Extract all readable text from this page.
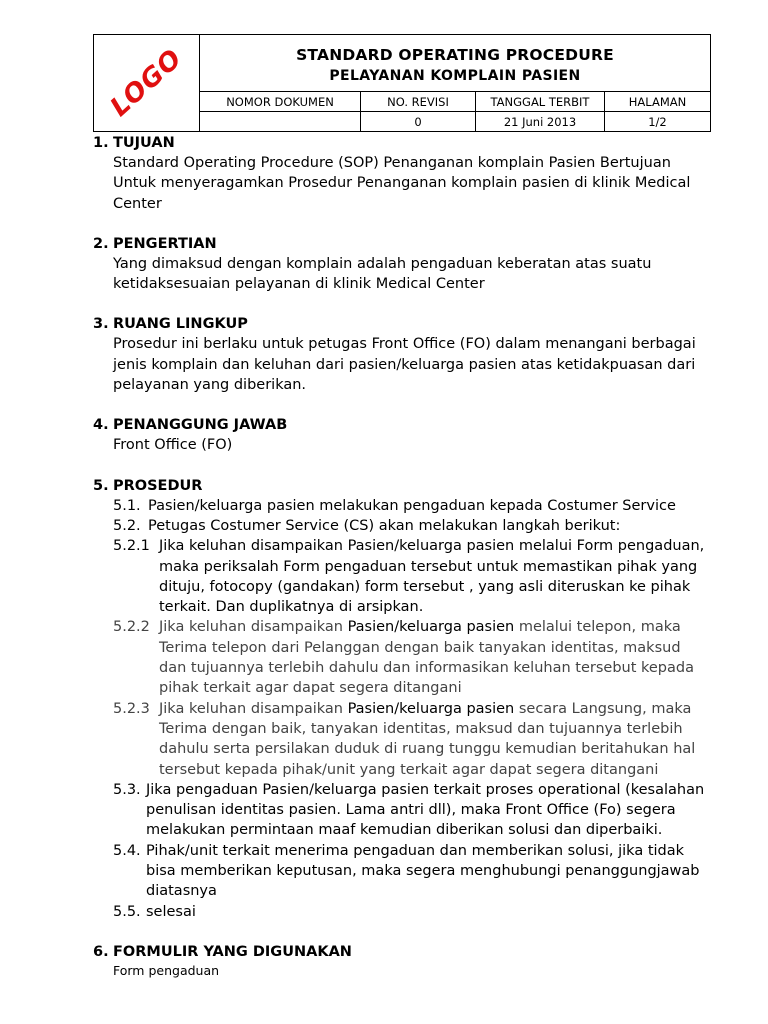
LOGO	STANDARD OPERATING PROCEDURE
PELAYANAN KOMPLAIN PASIEN			

	NOMOR DOKUMEN	NO. REVISI	TANGGAL TERBIT	HALAMAN
		0	21 Juni 2013	1/2
1. TUJUAN
Standard Operating Procedure (SOP) Penanganan komplain Pasien Bertujuan
Untuk menyeragamkan Prosedur Penanganan komplain pasien di klinik Medical
Center
2. PENGERTIAN
Yang dimaksud dengan komplain adalah pengaduan keberatan atas suatu
ketidaksesuaian pelayanan di klinik Medical Center
3. RUANG LINGKUP
Prosedur ini berlaku untuk petugas Front Office (FO) dalam menangani berbagai
jenis komplain dan keluhan dari pasien/keluarga pasien atas ketidakpuasan dari
pelayanan yang diberikan.
4. PENANGGUNG JAWAB
Front Office (FO)
5. PROSEDUR
5.1. Pasien/keluarga pasien melakukan pengaduan kepada Costumer Service
5.2. Petugas Costumer Service (CS) akan melakukan langkah berikut:
5.2.1 Jika keluhan disampaikan Pasien/keluarga pasien melalui Form pengaduan,
maka periksalah Form pengaduan tersebut untuk memastikan pihak yang
dituju, fotocopy (gandakan) form tersebut , yang asli diteruskan ke pihak
terkait. Dan duplikatnya di arsipkan.
5.2.2 Jika keluhan disampaikan Pasien/keluarga pasien melalui telepon, maka
Terima telepon dari Pelanggan dengan baik tanyakan identitas, maksud
dan tujuannya terlebih dahulu dan informasikan keluhan tersebut kepada
pihak terkait agar dapat segera ditangani
5.2.3 Jika keluhan disampaikan Pasien/keluarga pasien secara Langsung, maka
Terima dengan baik, tanyakan identitas, maksud dan tujuannya terlebih
dahulu serta persilakan duduk di ruang tunggu kemudian beritahukan hal
tersebut kepada pihak/unit yang terkait agar dapat segera ditangani
5.3. Jika pengaduan Pasien/keluarga pasien terkait proses operational (kesalahan
penulisan identitas pasien. Lama antri dll), maka Front Office (Fo) segera
melakukan permintaan maaf kemudian diberikan solusi dan diperbaiki.
5.4. Pihak/unit terkait menerima pengaduan dan memberikan solusi, jika tidak
bisa memberikan keputusan, maka segera menghubungi penanggungjawab
diatasnya
5.5. selesai
6. FORMULIR YANG DIGUNAKAN
Form pengaduan
